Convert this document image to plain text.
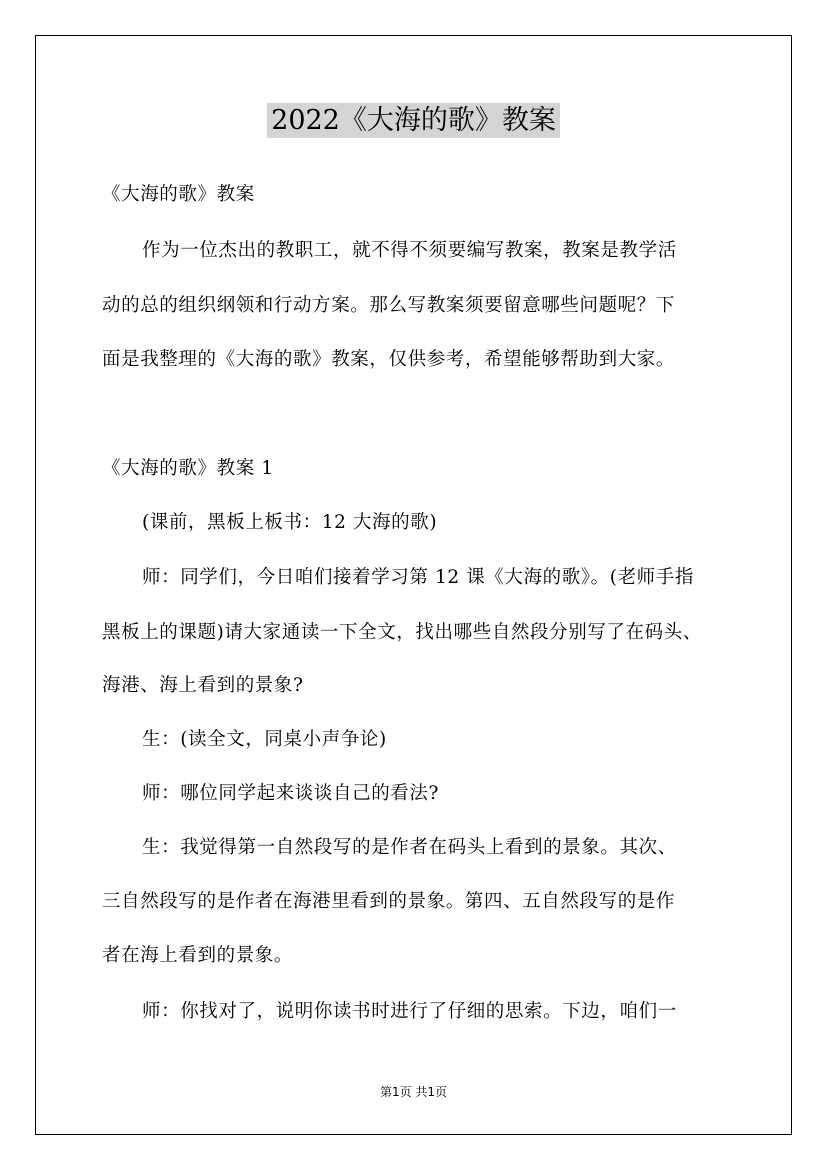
2022《大海的歌》教案
《大海的歌》教案
作为一位杰出的教职工，就不得不须要编写教案，教案是教学活
动的总的组织纲领和行动方案。那么写教案须要留意哪些问题呢？下
面是我整理的《大海的歌》教案，仅供参考，希望能够帮助到大家。
《大海的歌》教案 1
(课前，黑板上板书：12 大海的歌)
师：同学们，今日咱们接着学习第 12 课《大海的歌》。(老师手指
黑板上的课题)请大家通读一下全文，找出哪些自然段分别写了在码头、
海港、海上看到的景象?
生：(读全文，同桌小声争论)
师：哪位同学起来谈谈自己的看法?
生：我觉得第一自然段写的是作者在码头上看到的景象。其次、
三自然段写的是作者在海港里看到的景象。第四、五自然段写的是作
者在海上看到的景象。
师：你找对了，说明你读书时进行了仔细的思索。下边，咱们一
第1页 共1页
